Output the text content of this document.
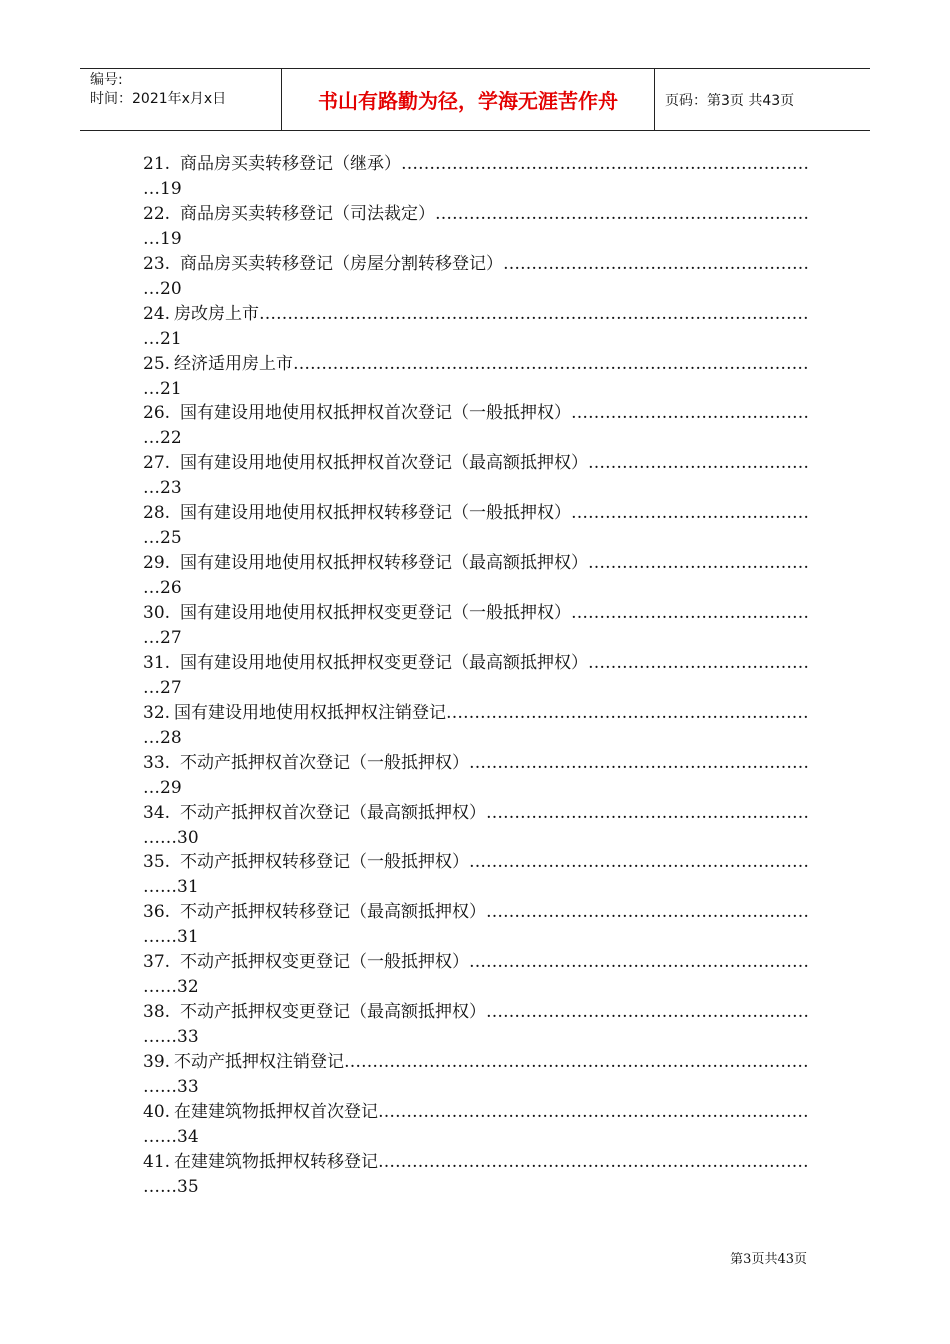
编号:
时间：2021年x月x日	书山有路勤为径，学海无涯苦作舟	页码：第3页 共43页
21. 商品房买卖转移登记（继承）
…………………………………………………………………………………………………………………………………………
…19
22. 商品房买卖转移登记（司法裁定）
…………………………………………………………………………………………………………………………………………
…19
23. 商品房买卖转移登记（房屋分割转移登记）
…………………………………………………………………………………………………………………………………………
…20
24. 房改房上市
…………………………………………………………………………………………………………………………………………
…21
25. 经济适用房上市
…………………………………………………………………………………………………………………………………………
…21
26. 国有建设用地使用权抵押权首次登记（一般抵押权）
…………………………………………………………………………………………………………………………………………
…22
27. 国有建设用地使用权抵押权首次登记（最高额抵押权）
…………………………………………………………………………………………………………………………………………
…23
28. 国有建设用地使用权抵押权转移登记（一般抵押权）
…………………………………………………………………………………………………………………………………………
…25
29. 国有建设用地使用权抵押权转移登记（最高额抵押权）
…………………………………………………………………………………………………………………………………………
…26
30. 国有建设用地使用权抵押权变更登记（一般抵押权）
…………………………………………………………………………………………………………………………………………
…27
31. 国有建设用地使用权抵押权变更登记（最高额抵押权）
…………………………………………………………………………………………………………………………………………
…27
32. 国有建设用地使用权抵押权注销登记
…………………………………………………………………………………………………………………………………………
…28
33. 不动产抵押权首次登记（一般抵押权）
…………………………………………………………………………………………………………………………………………
…29
34. 不动产抵押权首次登记（最高额抵押权）
…………………………………………………………………………………………………………………………………………
……30
35. 不动产抵押权转移登记（一般抵押权）
…………………………………………………………………………………………………………………………………………
……31
36. 不动产抵押权转移登记（最高额抵押权）
…………………………………………………………………………………………………………………………………………
……31
37. 不动产抵押权变更登记（一般抵押权）
…………………………………………………………………………………………………………………………………………
……32
38. 不动产抵押权变更登记（最高额抵押权）
…………………………………………………………………………………………………………………………………………
……33
39. 不动产抵押权注销登记
…………………………………………………………………………………………………………………………………………
……33
40. 在建建筑物抵押权首次登记
…………………………………………………………………………………………………………………………………………
……34
41. 在建建筑物抵押权转移登记
…………………………………………………………………………………………………………………………………………
……35
第3页共43页
